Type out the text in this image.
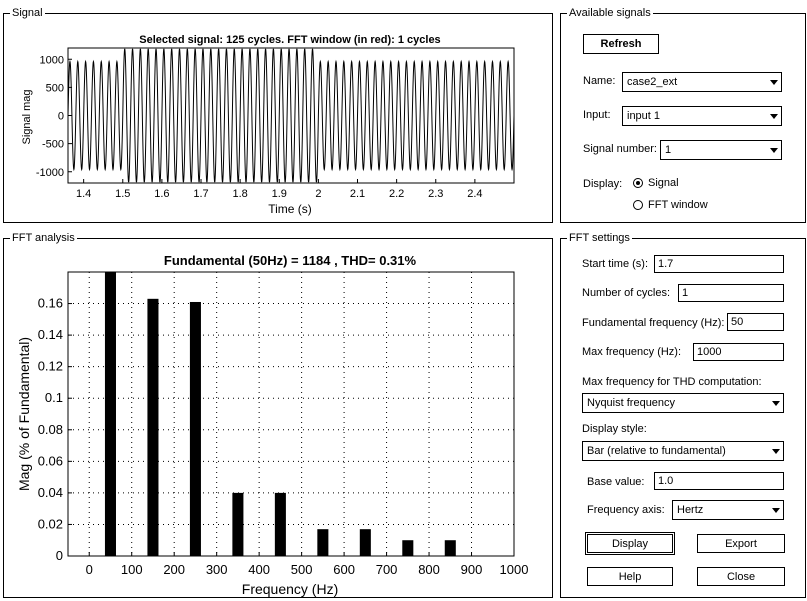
Signal
Selected signal: 125 cycles. FFT window (in red): 1 cycles
1.4 1.5 1.6 1.7 1.8 1.9	2	2.1 2.2 2.3 2.4
1000
500
0
-500
-1000
Time (s)
Signal mag
Available signals
Refresh
Name: case2_ext
Input: input 1
Signal number: 1
Display: Signal
FFT window
FFT analysis
Fundamental (50Hz) = 1184 , THD= 0.31%
0 100 200 300 400 500 600 700 800 900 1000
0
0.02
0.04
0.06
0.08
0.1
0.12
0.14
0.16
Frequency (Hz)
Mag (% of Fundamental)
FFT settings
Start time (s):
1.7
Number of cycles:
1
Fundamental frequency (Hz):
50
Max frequency (Hz):
1000
Max frequency for THD computation:
Nyquist frequency
Display style:
Bar (relative to fundamental)
Base value:
1.0
Frequency axis: Hertz
Display	Export
Help	Close
